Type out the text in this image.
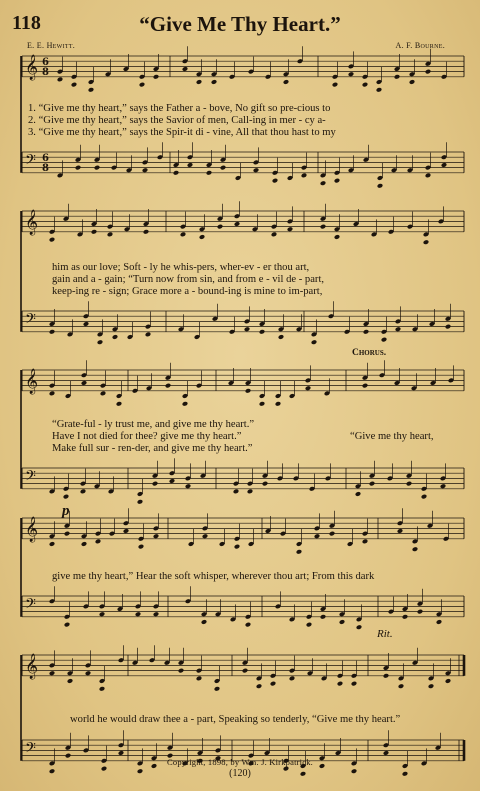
118	“Give Me Thy Heart.”
E. E. Hewitt.	A. F. Bourne.
𝄞 6
8
𝄢 6
8
𝄞
𝄢
𝄞
𝄢
𝄞
𝄢
𝄞
𝄢
1. “Give me thy heart,” says the Father a - bove, No gift so pre-cious to
2. “Give me thy heart,” says the Savior of men, Call-ing in mer - cy a-
3. “Give me thy heart,” says the Spir-it di - vine, All that thou hast to my
him as our love; Soft - ly he whis-pers, wher-ev - er thou art,
gain and a - gain; “Turn now from sin, and from e - vil de - part,
keep-ing re - sign; Grace more a - bound-ing is mine to im-part,
Chorus.
“Grate-ful - ly trust me, and give me thy heart.”
Have I not died for thee? give me thy heart.”
Make full sur - ren-der, and give me thy heart.”
“Give me thy heart,
p
give me thy heart,” Hear the soft whisper, wherever thou art; From this dark
Rit.
world he would draw thee a - part, Speaking so tenderly, “Give me thy heart.”
Copyright, 1898, by Wm. J. Kirkpatrick.
(120)
